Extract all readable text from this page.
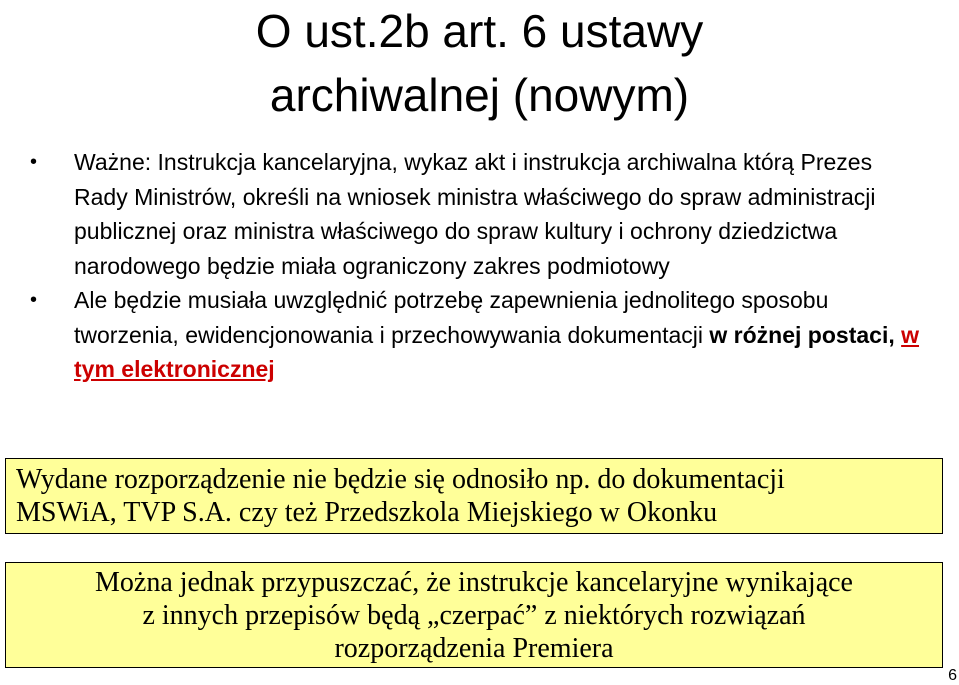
O ust.2b art. 6 ustawy
archiwalnej (nowym)
•	Ważne: Instrukcja kancelaryjna, wykaz akt i instrukcja archiwalna którą Prezes Rady Ministrów, określi na wniosek ministra właściwego do spraw administracji publicznej oraz ministra właściwego do spraw kultury i ochrony dziedzictwa narodowego będzie miała ograniczony zakres podmiotowy
•	Ale będzie musiała uwzględnić potrzebę zapewnienia jednolitego sposobu tworzenia, ewidencjonowania i przechowywania dokumentacji w różnej postaci, w tym elektronicznej
Wydane rozporządzenie nie będzie się odnosiło np. do dokumentacji
MSWiA, TVP S.A. czy też Przedszkola Miejskiego w Okonku
Można jednak przypuszczać, że instrukcje kancelaryjne wynikające
z innych przepisów będą „czerpać” z niektórych rozwiązań
rozporządzenia Premiera
6
